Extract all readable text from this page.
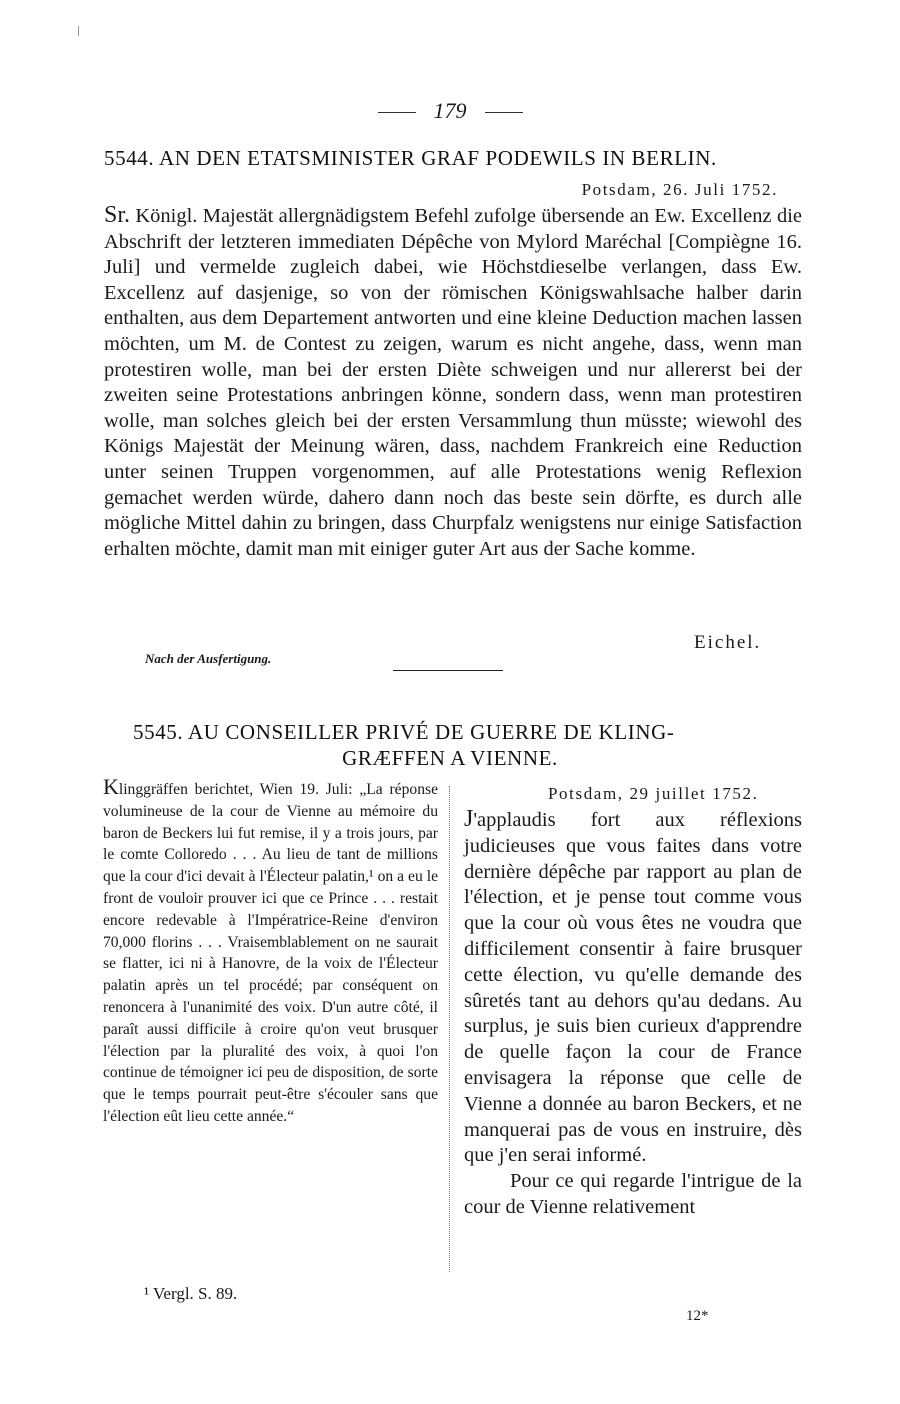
179
5544. AN DEN ETATSMINISTER GRAF PODEWILS IN BERLIN.
Potsdam, 26. Juli 1752.
Sr. Königl. Majestät allergnädigstem Befehl zufolge übersende an Ew. Excellenz die Abschrift der letzteren immediaten Dépêche von Mylord Maréchal [Compiègne 16. Juli] und vermelde zugleich dabei, wie Höchstdieselbe verlangen, dass Ew. Excellenz auf dasjenige, so von der römischen Königswahlsache halber darin enthalten, aus dem Departement antworten und eine kleine Deduction machen lassen möchten, um M. de Contest zu zeigen, warum es nicht angehe, dass, wenn man protestiren wolle, man bei der ersten Diète schweigen und nur allererst bei der zweiten seine Protestations anbringen könne, sondern dass, wenn man protestiren wolle, man solches gleich bei der ersten Versammlung thun müsste; wiewohl des Königs Majestät der Meinung wären, dass, nachdem Frankreich eine Reduction unter seinen Truppen vorgenommen, auf alle Protestations wenig Reflexion gemachet werden würde, dahero dann noch das beste sein dörfte, es durch alle mögliche Mittel dahin zu bringen, dass Churpfalz wenigstens nur einige Satisfaction erhalten möchte, damit man mit einiger guter Art aus der Sache komme.
Eichel.
Nach der Ausfertigung.
5545. AU CONSEILLER PRIVÉ DE GUERRE DE KLING-
GRÆFFEN A VIENNE.
Klinggräffen berichtet, Wien 19. Juli: „La réponse volumineuse de la cour de Vienne au mémoire du baron de Beckers lui fut remise, il y a trois jours, par le comte Colloredo . . . Au lieu de tant de millions que la cour d'ici devait à l'Électeur palatin,¹ on a eu le front de vouloir prouver ici que ce Prince . . . restait encore redevable à l'Impératrice-Reine d'environ 70,000 florins . . . Vraisemblablement on ne saurait se flatter, ici ni à Hanovre, de la voix de l'Électeur palatin après un tel procédé; par conséquent on renoncera à l'unanimité des voix. D'un autre côté, il paraît aussi difficile à croire qu'on veut brusquer l'élection par la pluralité des voix, à quoi l'on continue de témoigner ici peu de disposition, de sorte que le temps pourrait peut-être s'écouler sans que l'élection eût lieu cette année.“
Potsdam, 29 juillet 1752.

J'applaudis fort aux réflexions judicieuses que vous faites dans votre dernière dépêche par rapport au plan de l'élection, et je pense tout comme vous que la cour où vous êtes ne voudra que difficilement consentir à faire brusquer cette élection, vu qu'elle demande des sûretés tant au dehors qu'au dedans. Au surplus, je suis bien curieux d'apprendre de quelle façon la cour de France envisagera la réponse que celle de Vienne a donnée au baron Beckers, et ne manquerai pas de vous en instruire, dès que j'en serai informé.

Pour ce qui regarde l'intrigue de la cour de Vienne relativement

¹ Vergl. S. 89.
12*
